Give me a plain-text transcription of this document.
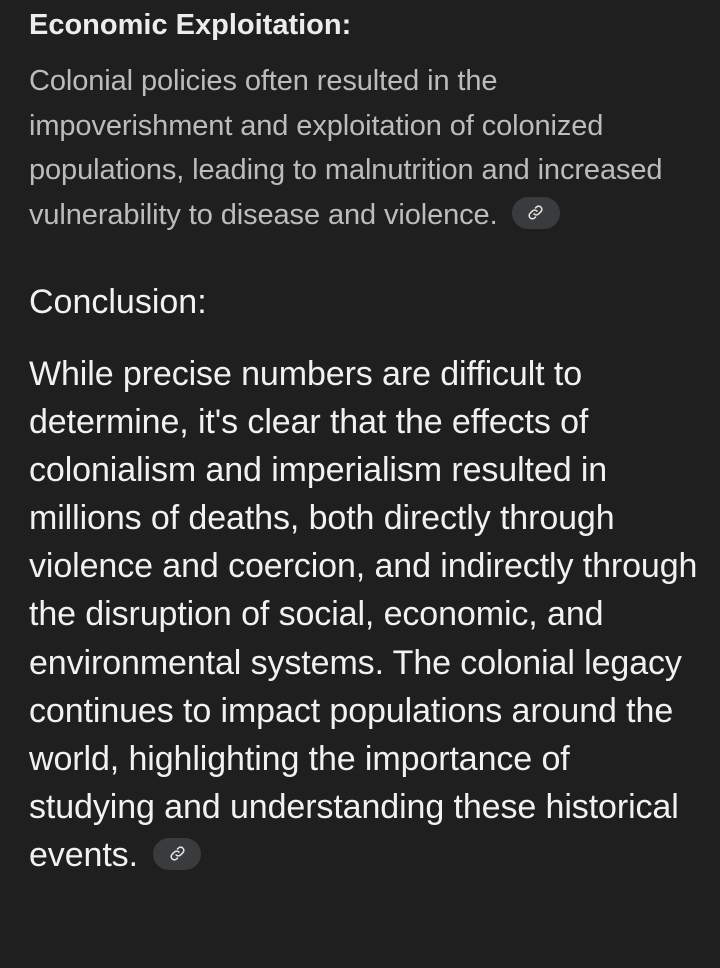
Economic Exploitation:

Colonial policies often resulted in the impoverishment and exploitation of colonized populations, leading to malnutrition and increased vulnerability to disease and violence.

Conclusion:

While precise numbers are difficult to determine, it's clear that the effects of colonialism and imperialism resulted in millions of deaths, both directly through violence and coercion, and indirectly through the disruption of social, economic, and environmental systems. The colonial legacy continues to impact populations around the world, highlighting the importance of studying and understanding these historical events.
